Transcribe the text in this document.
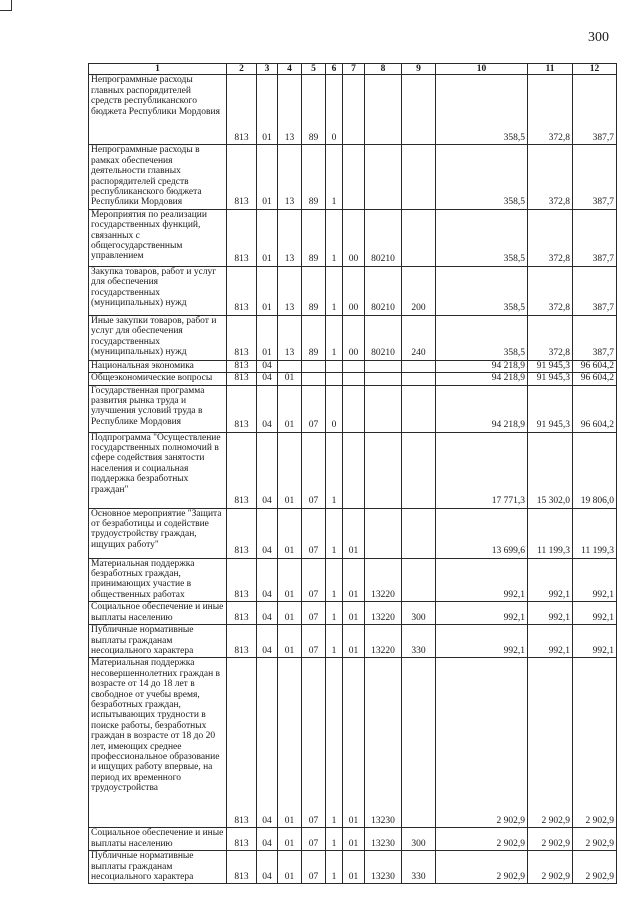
300
1	2	3	4	5	6	7	8	9	10	11	12
Непрограммные расходы главных распорядителей средств республиканского бюджета Республики Мордовия	813	01	13	89	0				358,5	372,8	387,7
Непрограммные расходы в рамках обеспечения деятельности главных распорядителей средств республиканского бюджета Республики Мордовия	813	01	13	89	1				358,5	372,8	387,7
Мероприятия по реализации государственных функций, связанных с общегосударственным управлением	813	01	13	89	1	00	80210		358,5	372,8	387,7
Закупка товаров, работ и услуг для обеспечения государственных (муниципальных) нужд	813	01	13	89	1	00	80210	200	358,5	372,8	387,7
Иные закупки товаров, работ и услуг для обеспечения государственных (муниципальных) нужд	813	01	13	89	1	00	80210	240	358,5	372,8	387,7
Национальная экономика	813	04							94 218,9	91 945,3	96 604,2
Общеэкономические вопросы	813	04	01						94 218,9	91 945,3	96 604,2
Государственная программа развития рынка труда и улучшения условий труда в Республике Мордовия	813	04	01	07	0				94 218,9	91 945,3	96 604,2
Подпрограмма "Осуществление государственных полномочий в сфере содействия занятости населения и социальная поддержка безработных граждан"	813	04	01	07	1				17 771,3	15 302,0	19 806,0
Основное мероприятие "Защита от безработицы и содействие трудоустройству граждан, ищущих работу"	813	04	01	07	1	01			13 699,6	11 199,3	11 199,3
Материальная поддержка безработных граждан, принимающих участие в общественных работах	813	04	01	07	1	01	13220		992,1	992,1	992,1
Социальное обеспечение и иные выплаты населению	813	04	01	07	1	01	13220	300	992,1	992,1	992,1
Публичные нормативные выплаты гражданам несоциального характера	813	04	01	07	1	01	13220	330	992,1	992,1	992,1
Материальная поддержка несовершеннолетних граждан в возрасте от 14 до 18 лет в свободное от учебы время, безработных граждан, испытывающих трудности в поиске работы, безработных граждан в возрасте от 18 до 20 лет, имеющих среднее профессиональное образование и ищущих работу впервые, на период их временного трудоустройства	813	04	01	07	1	01	13230		2 902,9	2 902,9	2 902,9
Социальное обеспечение и иные выплаты населению	813	04	01	07	1	01	13230	300	2 902,9	2 902,9	2 902,9
Публичные нормативные выплаты гражданам несоциального характера	813	04	01	07	1	01	13230	330	2 902,9	2 902,9	2 902,9
